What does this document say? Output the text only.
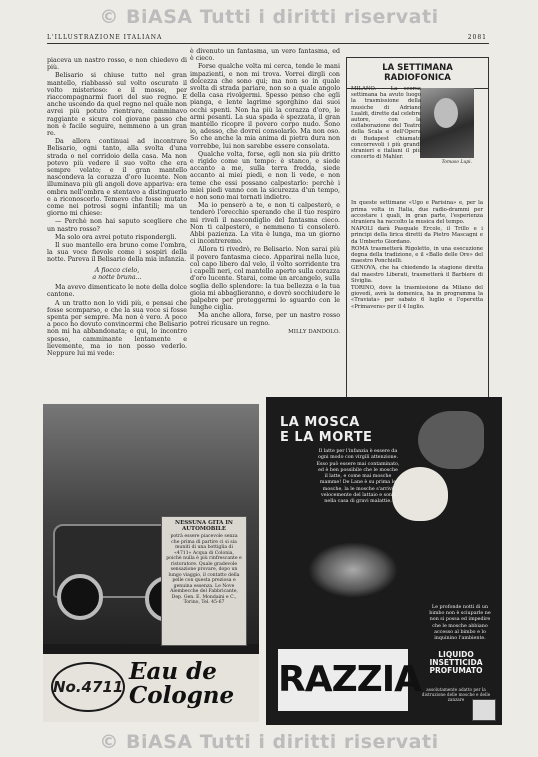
© BiASA Tutti i diritti riservati
L'ILLUSTRAZIONE ITALIANA	2081

piaceva un nastro rosso, e non chiedevo di più.

Belisario si chiuse tutto nel gran mantello, riabbassò sul volto oscurato il volto misterioso: e il mosse, per riaccompagnarmi fuori del suo regno. E anche uscendo da quel regno nel quale non avrei più potuto rientrare, camminavo raggiante e sicura col giovane passo che non è facile seguire, nemmeno a un gran re.

Da allora continuai ad incontrare Belisario, ogni tanto, alla svolta d'una strada o nel corridoio della casa. Ma non potevo più vedere il suo volto che era sempre velato; e il gran mantello nascondeva la corazza d'oro lucente. Non illuminava più gli angoli dove appariva: era ombra nell'ombra e stentavo a distinguerlo e a riconoscerlo. Temevo che fosse mutato come nei potrosi sogni infantili; ma un giorno mi chiese:

— Perchè non hai saputo scegliere che un nastro rosso?

Ma solo ora avrei potuto rispondergli.

Il suo mantello era bruno come l'ombra, la sua voce fievole come i sospiri della notte. Pareva il Belisario della mia infanzia.

A fiocco cielo,
a notte bruna...

Ma avevo dimenticato le note della dolce cantone.

A un tratto non lo vidi più, e pensai che fosse scomparso, e che la sua voce si fosse spenta per sempre. Ma non è vero. A poco a poco ho dovuto convincermi che Belisario non mi ha abbandonata; e qui, lo incontro spesso, camminante lentamente e lievemente, ma io non posso vederlo. Neppure lui mi vede:

è divenuto un fantasma, un vero fantasma, ed è cieco.

Forse qualche volta mi cerca, tende le mani impazienti, e non mi trova. Vorrei dirgli con dolcezza che sono qui; ma non so in quale svolta di strada pariare, non so a quale angolo della casa rivolgermi. Spesso penso che egli pianga, e lente lagrime sgorghino dai suoi occhi spenti. Non ha più la corazza d'oro, le armi pesanti. La sua spada è spezzata, il gran mantello ricopre il povero corpo nudo. Sono io, adesso, che dovrei consolarlo. Ma non oso. So che anche la mia anima di pietra dura non vorrebbe, lui non sarebbe essere consolata.

Qualche volta, forse, egli non sia più dritto e rigido come un tempo: è stanco, e siede accanto a me, sulla terra fredda, siede accanto ai miei piedi, e non li vede, e non teme che essi possano calpestarlo: perchè i miei piedi vanno con la sicurezza d'un tempo, e non sono mai tornati indietro.

Ma io penserò a te, e non ti calpesterò, e tenderò l'orecchio sperando che il tuo respiro mi riveli il nascondiglio del fantasma cieco. Non ti calpesterò, e nemmeno ti consolerò. Abbi pazienza. La vita è lunga, ma un giorno ci incontreremo.

Allora ti rivedrò, re Belisario. Non sarai più il povero fantasma cieco. Apparirai nella luce, col capo libero dal velo, il volto sorridente tra i capelli neri, col mantello aperto sulla corazza d'oro lucente. Starai, come un arcangelo, sulla soglia dello splendore: la tua bellezza e la tua gioia mi abbaglieranno, e dovrò socchiudere le palpebre per proteggermi lo sguardo con le lunghe ciglia.

Ma anche allora, forse, per un nastro rosso potrei ricusare un regno.

MILLY DANDOLO.
LA SETTIMANA RADIOFONICA
Tomaso Lupi.

MILANO. - La scorsa settimana ha avuto luogo la trasmissione della musiche di Adriano Lualdi, dirette dal celebre autore, con la collaborazione del Teatro della Scala e dell'Opera di Budapest chiamato concorrevoli i più grandi stranieri e italiani il più concerto di Mahler.

In queste settimane «Ugo e Parisina» e, per la prima volta in Italia, due radio-drammi per accostare i quali, in gran parte, l'esperienza straniera ha raccolto la musica del tempo.

NAPOLI darà Pasquale Ercole, il Trillo e i principi della lirica diretti da Pietro Mascagni e da Umberto Giordano.

ROMA trasmetterà Rigoletto, in una esecuzione degna della tradizione, e il «Ballo delle Ore» del maestro Ponchielli.

GENOVA, che ha chiedendo la stagione diretta dal maestro Liberati, trasmetterà il Barbiere di Siviglia.

TORINO, dove la trasmissione da Milano del giovedì, avrà la domenica, ha in programma la «Traviata» per sabato 6 luglio e l'operetta «Primavera» per il 4 luglio.

NESSUNA GITA IN AUTOMOBILE
potrà essere piacevole senza che prima di partire ci si sia muniti di una bottiglia di «4711» Acqua di Colonia, poichè nulla è più rinfrescante e ristoratore. Quale gradevole sensazione provare, dopo un lungo viaggio, il contatto della pelle con questa preziosa e genuina essenza. Le Nove Alembecche del Fabbricante, Dep. Gen. E. Mondaini e C., Torino, Tel. 45-67
No.4711
Eau de
Cologne
LA MOSCA
E LA MORTE
Il latte per l'infanzia è essere da ogni modo con virgili attenzione. Esso può essere mai contaminato, ed è ben possibile che le mosche il latte, e come mai mosche mamme! De Lane è su prima le mosche, la le mosche s'arrivi velocemente del lattaio e sono nella casa di gravi malattie.
Le profonde notti di un bimbo non è sciuparle ne non si possa ed impedire che le mosche abbiano accesso al bimbo e lo inquinino l'ambiente.
RAZZIA
LIQUIDO
INSETTICIDA
PROFUMATO
assolutamente adatto per la distruzione delle mosche e delle zanzare
© BiASA Tutti i diritti riservati
